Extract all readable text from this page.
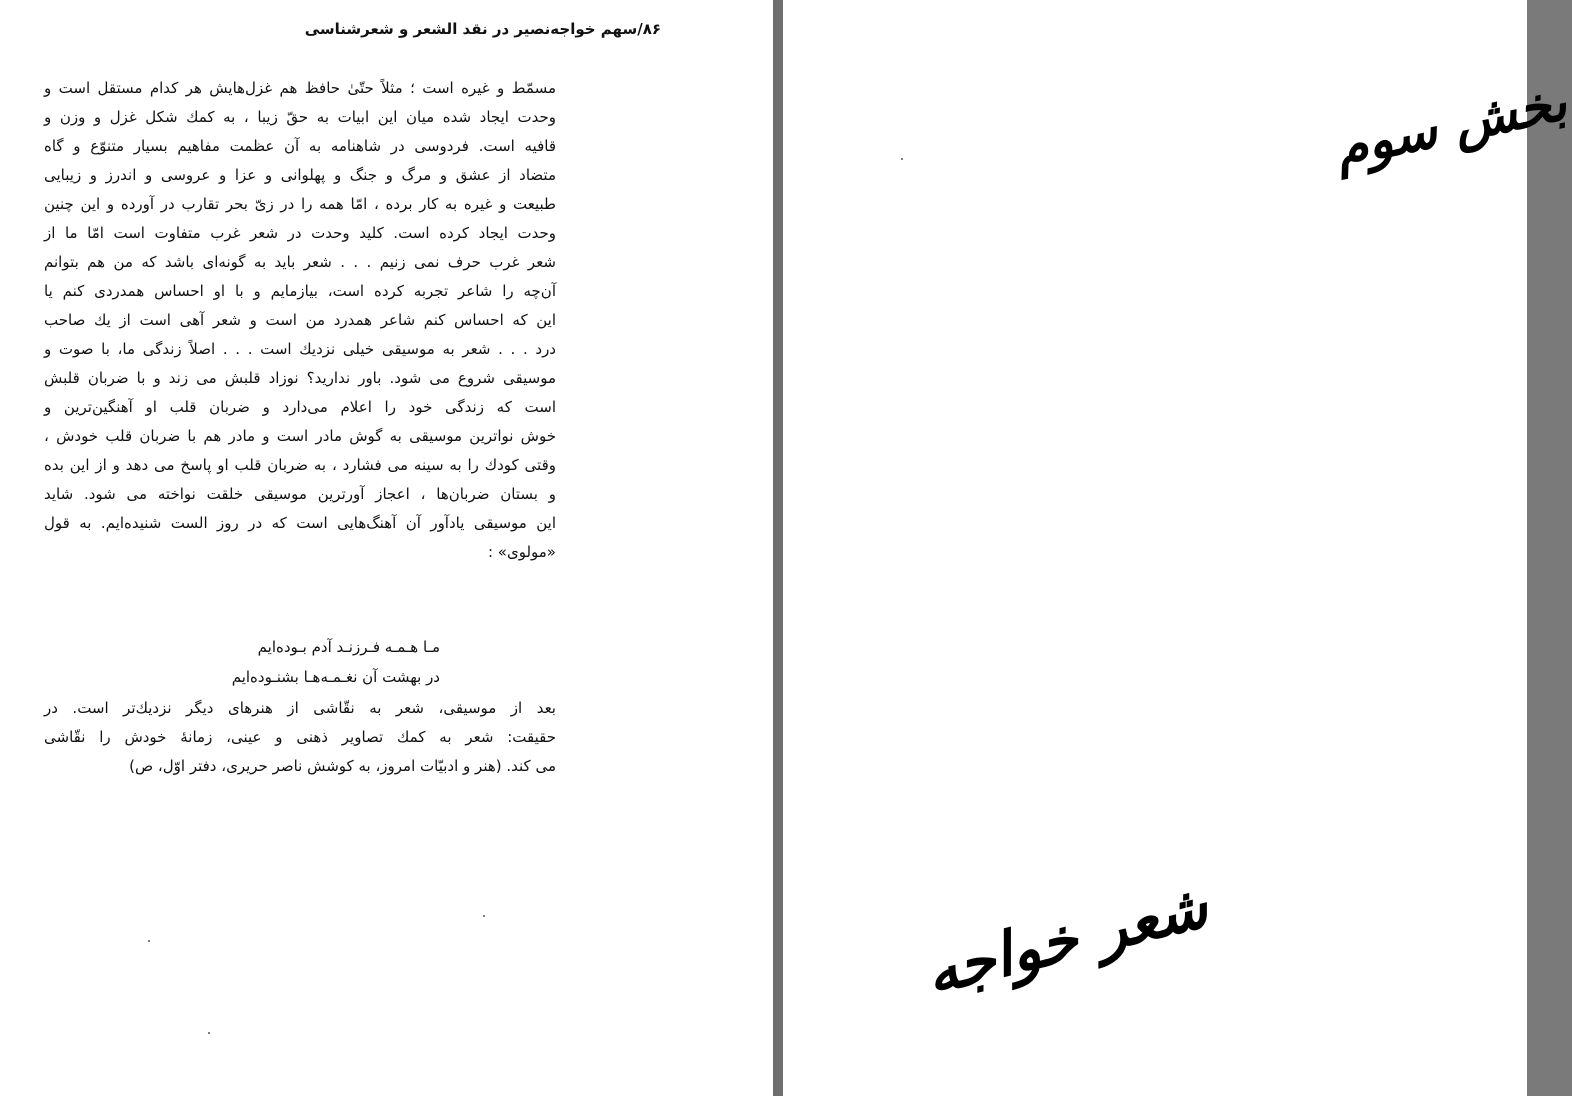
۸۶/سهم خواجه‌نصیر در نقد الشعر و شعرشناسی
مسمّط و غیره است ؛ مثلاً حتّیٰ حافظ هم غزل‌هایش هر کدام مستقل است و
وحدت ایجاد شده میان این ابیات به حقّ زیبا ، به کمك شکل غزل و وزن و
قافیه است. فردوسی در شاهنامه به آن عظمت مفاهیم بسیار متنوّع و گاه
متضاد از عشق و مرگ و جنگ و پهلوانی و عزا و عروسی و اندرز و زیبایی
طبیعت و غیره به کار برده ، امّا همه را در زیّ بحر تقارب در آورده و این چنین
وحدت ایجاد کرده است. کلید وحدت در شعر غرب متفاوت است امّا ما از
شعر غرب حرف نمی زنیم . . . شعر باید به گونه‌ای باشد که من هم بتوانم
آن‌چه را شاعر تجربه کرده است، بیازمایم و با او احساس همدردی کنم یا
این که احساس کنم شاعر همدرد من است و شعر آهی است از یك صاحب
درد . . . شعر به موسیقی خیلی نزدیك است . . . اصلاً زندگی ما، با صوت و
موسیقی شروع می شود. باور ندارید؟ نوزاد قلبش می زند و با ضربان قلبش
است که زندگی خود را اعلام می‌دارد و ضربان قلب او آهنگین‌ترین و
خوش نواترین موسیقی به گوش مادر است و مادر هم با ضربان قلب خودش ،
وقتی کودك را به سینه می فشارد ، به ضربان قلب او پاسخ می دهد و از این بده
و بستان ضربان‌ها ، اعجاز آورترین موسیقی خلقت نواخته می شود. شاید
این موسیقی یادآور آن آهنگ‌هایی است که در روز الست شنیده‌ایم. به قول
«مولوی» :
مـا هـمـه فـرزنـد آدم بـوده‌ایم
در بهشت آن نغـمـه‌هـا بشنـوده‌ایم
بعد از موسیقی، شعر به نقّاشی از هنرهای دیگر نزدیك‌تر است. در
حقیقت: شعر به کمك تصاویر ذهنی و عینی، زمانهٔ خودش را نقّاشی
می کند. (هنر و ادبیّات امروز، به کوشش ناصر حریری، دفتر اوّل، ص)
بخش سوم
شعر خواجه
